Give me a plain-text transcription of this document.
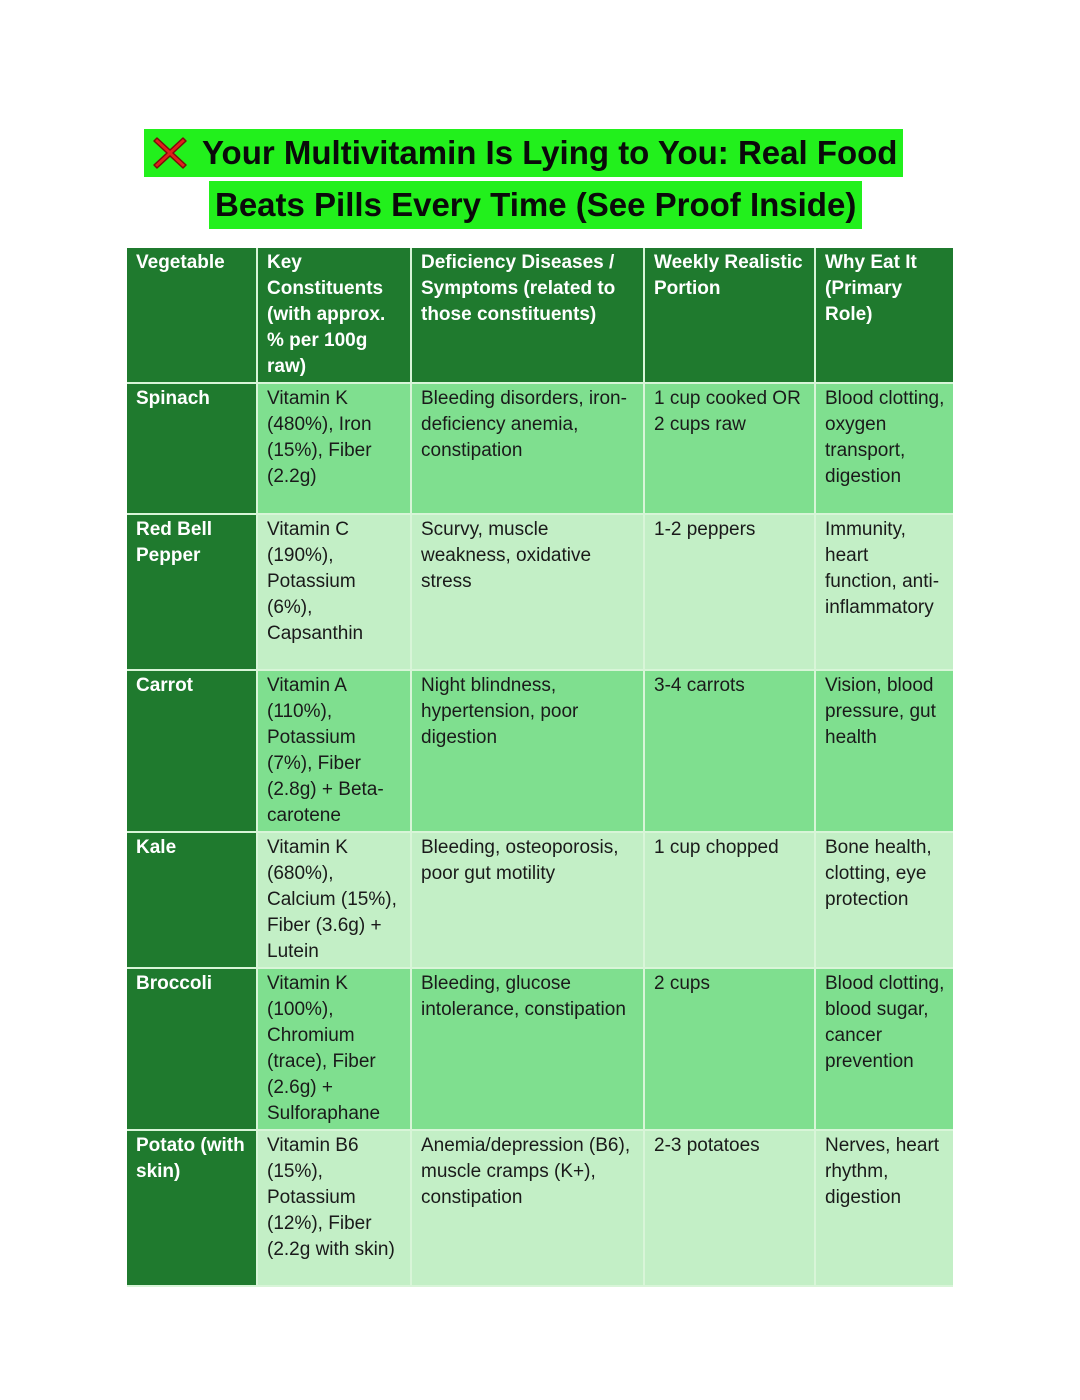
Your Multivitamin Is Lying to You: Real Food
Beats Pills Every Time (See Proof Inside)
Vegetable	Key Constituents (with approx. % per 100g raw)	Deficiency Diseases / Symptoms (related to those constituents)	Weekly Realistic Portion	Why Eat It (Primary Role)
Spinach	Vitamin K (480%), Iron (15%), Fiber (2.2g)	Bleeding disorders, iron-deficiency anemia, constipation	1 cup cooked OR 2 cups raw	Blood clotting, oxygen transport, digestion
Red Bell Pepper	Vitamin C (190%), Potassium (6%), Capsanthin	Scurvy, muscle weakness, oxidative stress	1-2 peppers	Immunity, heart function, anti-inflammatory
Carrot	Vitamin A (110%), Potassium (7%), Fiber (2.8g) + Beta-carotene	Night blindness, hypertension, poor digestion	3-4 carrots	Vision, blood pressure, gut health
Kale	Vitamin K (680%), Calcium (15%), Fiber (3.6g) + Lutein	Bleeding, osteoporosis, poor gut motility	1 cup chopped	Bone health, clotting, eye protection
Broccoli	Vitamin K (100%), Chromium (trace), Fiber (2.6g) + Sulforaphane	Bleeding, glucose intolerance, constipation	2 cups	Blood clotting, blood sugar, cancer prevention
Potato (with skin)	Vitamin B6 (15%), Potassium (12%), Fiber (2.2g with skin)	Anemia/depression (B6), muscle cramps (K+), constipation	2-3 potatoes	Nerves, heart rhythm, digestion
